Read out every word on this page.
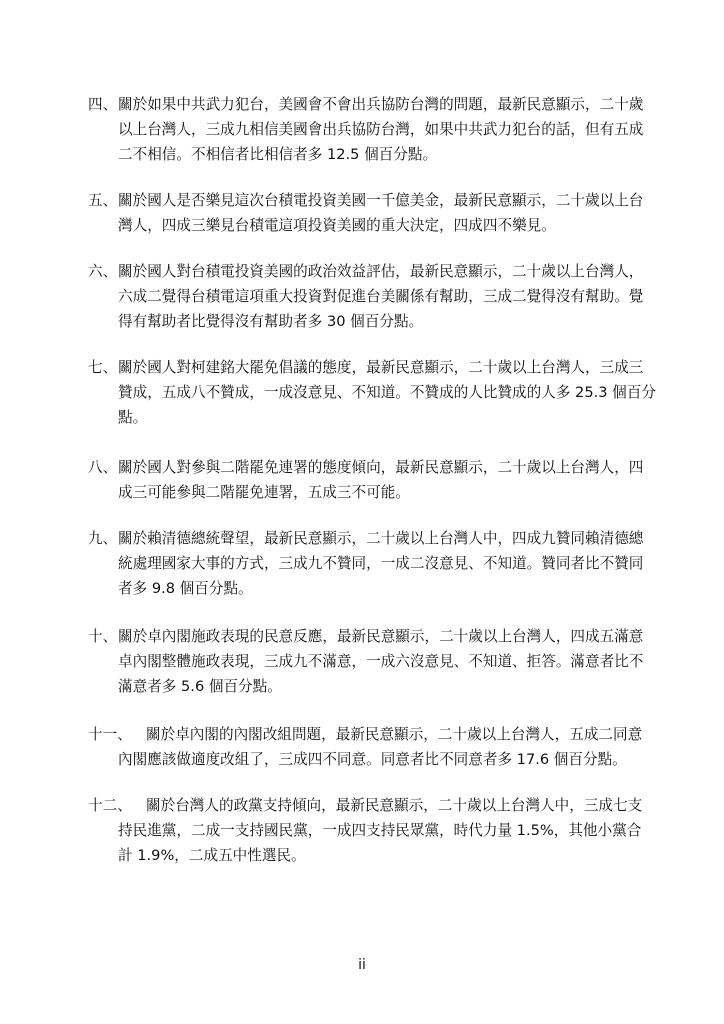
四、 關於如果中共武力犯台，美國會不會出兵協防台灣的問題，最新民意顯示，二十歲
以上台灣人，三成九相信美國會出兵協防台灣，如果中共武力犯台的話，但有五成
二不相信。不相信者比相信者多 12.5 個百分點。
五、 關於國人是否樂見這次台積電投資美國一千億美金，最新民意顯示，二十歲以上台
灣人，四成三樂見台積電這項投資美國的重大決定，四成四不樂見。
六、 關於國人對台積電投資美國的政治效益評估，最新民意顯示，二十歲以上台灣人，
六成二覺得台積電這項重大投資對促進台美關係有幫助，三成二覺得沒有幫助。覺
得有幫助者比覺得沒有幫助者多 30 個百分點。
七、 關於國人對柯建銘大罷免倡議的態度，最新民意顯示，二十歲以上台灣人，三成三
贊成，五成八不贊成，一成沒意見、不知道。不贊成的人比贊成的人多 25.3 個百分
點。
八、 關於國人對參與二階罷免連署的態度傾向，最新民意顯示，二十歲以上台灣人，四
成三可能參與二階罷免連署，五成三不可能。
九、 關於賴清德總統聲望，最新民意顯示，二十歲以上台灣人中，四成九贊同賴清德總
統處理國家大事的方式，三成九不贊同，一成二沒意見、不知道。贊同者比不贊同
者多 9.8 個百分點。
十、 關於卓內閣施政表現的民意反應，最新民意顯示，二十歲以上台灣人，四成五滿意
卓內閣整體施政表現，三成九不滿意，一成六沒意見、不知道、拒答。滿意者比不
滿意者多 5.6 個百分點。
十一、 關於卓內閣的內閣改組問題，最新民意顯示，二十歲以上台灣人，五成二同意
內閣應該做適度改組了，三成四不同意。同意者比不同意者多 17.6 個百分點。
十二、 關於台灣人的政黨支持傾向，最新民意顯示，二十歲以上台灣人中，三成七支
持民進黨，二成一支持國民黨，一成四支持民眾黨，時代力量 1.5%，其他小黨合
計 1.9%，二成五中性選民。
ii
